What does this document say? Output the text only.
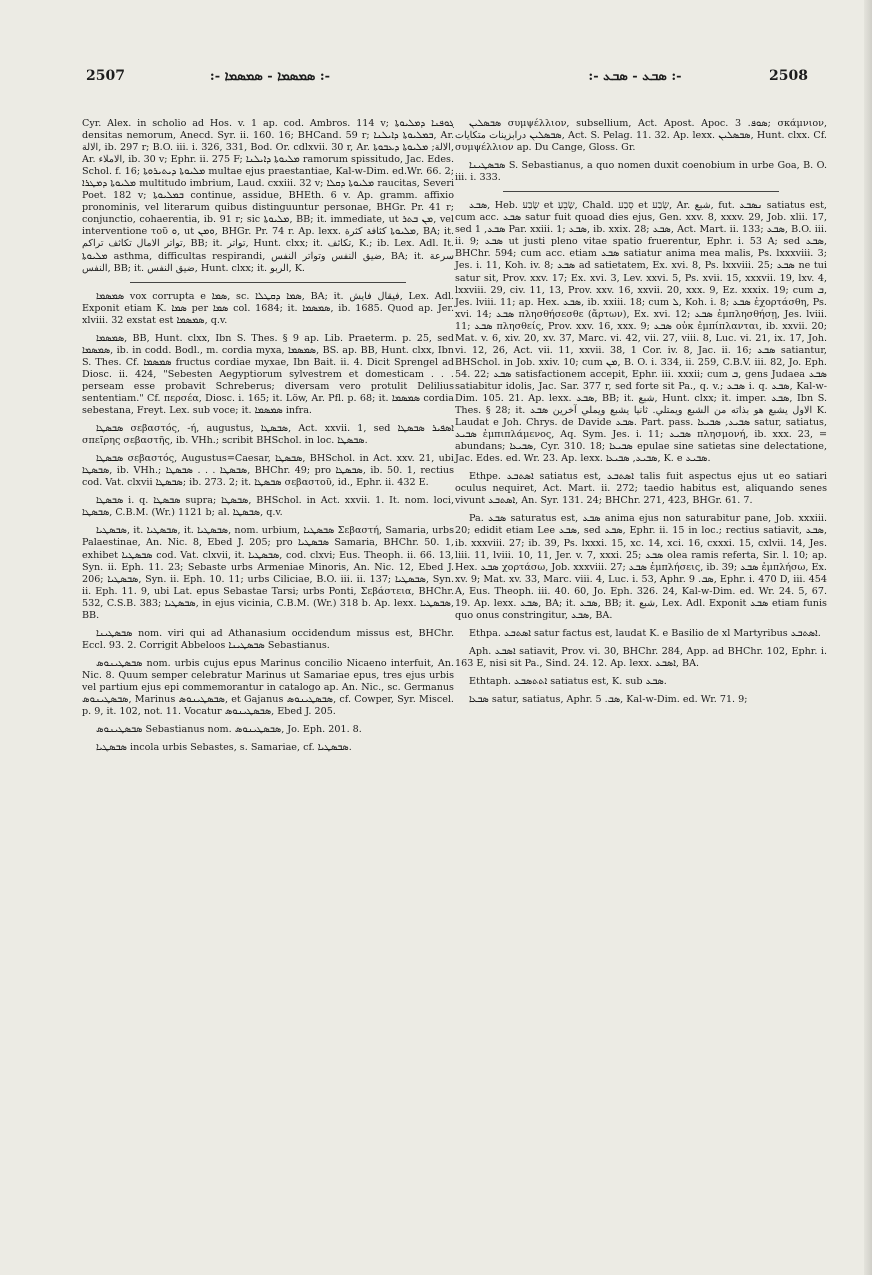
2507	:- ܣܡܣܡܐ - ܣܡܣܡܐ :-	:- ܣܒܥ - ܣܒܥ :-	2508

Cyr. Alex. in scholio ad Hos. v. 1 ap. cod. Ambros. 114 v; ܓܘܦܢܐ ܕܡܠܝܘܬܐ densitas nemorum, Anecd. Syr. ii. 160. 16; BHCand. 59 r; ܒܡܠܝܘܬܐ ܕܐܝܠܢܐ, Ar. الالة, ib. 297 r; B.O. iii. i. 326, 331, Bod. Or. cdlxvii. 30 r, Ar. الالة; ܡܠܝܘܬܐ ܕܥܒܘܬܐ, Ar. الاملاء, ib. 30 v; Ephr. ii. 275 F; ܡܠܝܘܬܐ ܕܐܝܠܢܐ ramorum spissitudo, Jac. Edes. Schol. f. 16; ܡܠܝܘܬܐ ܕܝܬܝܪܘܬܐ multae ejus praestantiae, Kal-w-Dim. ed.Wr. 66. 2; ܡܠܝܘܬܐ ܕܡܛܪܐ multitudo imbrium, Laud. cxxiii. 32 v; ܡܠܝܘܬܐ ܕܩܠܐ raucitas, Severi Poet. 182 v; ܒܡܠܝܘܬܐ continue, assidue, BHEth. 6 v. Ap. gramm. affixio pronominis, vel literarum quibus distinguuntur personae, BHGr. Pr. 41 r; conjunctio, cohaerentia, ib. 91 r; sic ܡܠܝܘܬܐ, BB; it. immediate, ut ܡܢ ܒܬܪ, vel interventione τοῦ ܘ, ut ܘܡܢ, BHGr. Pr. 74 r. Ap. lexx. ܡܠܝܘܬܐ كثافة كثرة, BA; it. تواتر الامال تكاثف تراكم, BB; it. تواتر, Hunt. clxx; it. تكاثف, K.; ib. Lex. Adl. It. ܡܠܝܘܬܐ asthma, difficultas respirandi, ضيق النفس وتواتر النفس, BA; it. سرعة النفس, BB; it. ضيق النفس, Hunt. clxx; it. الربو, K.

ܣܡܣܡܐ vox corrupta e ܣܡܐ, sc. ܣܡܐ ܕܩܛܠܐ, BA; it. فيقال فايش, Lex. Adl. Exponit etiam K. ܣܡܐ per ܣܡܐ col. 1684; it. ܣܡܣܡܐ, ib. 1685. Quod ap. Jer. xlviii. 32 exstat est ܣܡܣܡܐ, q.v.

ܣܡܣܡܐ, BB, Hunt. clxx, Ibn S. Thes. § 9 ap. Lib. Praeterm. p. 25, sed ܣܡܣܡܐ, ib. in codd. Bodl., m. cordia myxa, ܣܡܣܡܐ, BS. ap. BB, Hunt. clxx, Ibn S. Thes. Cf. ܣܡܣܡܐ fructus cordiae myxae, Ibn Bait. ii. 4. Dicit Sprengel ad Diosc. ii. 424, "Sebesten Aegyptiorum sylvestrem et domesticam . . . perseam esse probavit Schreberus; diversam vero protulit Delilius sententiam." Cf. περσέα, Diosc. i. 165; it. Löw, Ar. Pfl. p. 68; it. ܣܡܣܡܐ cordia sebestana, Freyt. Lex. sub voce; it. ܣܡܣܡܐ infra.

ܣܒܣܛܐ σεβαστός, -ή, augustus, ܣܒܣܛܐ, Act. xxvii. 1, sed ܐܣܦܝܪ ܣܒܣܛܐ σπεῖρης σεβαστῆς, ib. VHh.; scribit BHSchol. in loc. ܣܒܣܛܐ.

ܣܒܣܛܐ σεβαστός, Augustus=Caesar, ܣܒܣܛܐ, BHSchol. in Act. xxv. 21, ubi ܣܒܣܛܐ, ib. VHh.; ܣܒܣܛܐ . . . ܣܒܣܛܐ, BHChr. 49; pro ܣܒܣܛܐ, ib. 50. 1, rectius cod. Vat. clxvii ܣܒܣܛܐ; ib. 273. 2; it. ܣܒܣܛܐ σεβαστοῦ, id., Ephr. ii. 432 E.

ܣܒܣܛܐ i. q. ܣܒܣܛܐ supra; ܣܒܣܛܐ, BHSchol. in Act. xxvii. 1. It. nom. loci, ܣܒܣܛܐ, C.B.M. (Wr.) 1121 b; al. ܣܒܣܛܐ, q.v.

ܣܒܣܛܝܐ, it. ܣܒܣܛܝܐ, it. ܣܒܣܛܝܐ, nom. urbium, ܣܒܣܛܝܐ Σεβαστή, Samaria, urbs Palaestinae, An. Nic. 8, Ebed J. 205; pro ܣܒܣܛܝܐ Samaria, BHChr. 50. 1, exhibet ܣܒܣܛܝܐ cod. Vat. clxvii, it. ܣܒܣܛܝܐ, cod. clxvi; Eus. Theoph. ii. 66. 13, Syn. ii. Eph. 11. 23; Sebaste urbs Armeniae Minoris, An. Nic. 12, Ebed J. 206; ܣܒܣܛܝܐ, Syn. ii. Eph. 10. 11; urbs Ciliciae, B.O. iii. ii. 137; ܣܒܣܛܝܐ, Syn. ii. Eph. 11. 9, ubi Lat. epus Sebastae Tarsi; urbs Ponti, Σεβάστεια, BHChr. 532, C.S.B. 383; ܣܒܣܛܝܐ, in ejus vicinia, C.B.M. (Wr.) 318 b. Ap. lexx. ܣܒܣܛܝܐ, BB.

ܣܒܣܛܝܢܐ nom. viri qui ad Athanasium occidendum missus est, BHChr. Eccl. 93. 2. Corrigit Abbeloos ܣܒܣܛܝܢܐ Sebastianus.

ܣܒܣܛܝܢܘܣ nom. urbis cujus epus Marinus concilio Nicaeno interfuit, An. Nic. 8. Quum semper celebratur Marinus ut Samariae epus, tres ejus urbis vel partium ejus epi commemorantur in catalogo ap. An. Nic., sc. Germanus ܣܒܣܛܝܢܘܣ, Marinus ܣܒܣܛܝܢܘܣ, et Gajanus ܣܒܣܛܝܢܘܣ, cf. Cowper, Syr. Miscel. p. 9, it. 102, not. 11. Vocatur ܣܒܣܛܝܢܘܣ, Ebed J. 205.

ܣܒܣܛܝܢܘܣ Sebastianus nom. ܣܒܣܛܝܢܘܣ, Jo. Eph. 201. 8.

ܣܒܣܛܝܐ incola urbis Sebastes, s. Samariae, cf. ܣܒܣܛܝܐ.

ܣܒܣܠܝܢ συμψέλλιον, subsellium, Act. Apost. Apoc. ܣܘܦ. 3; σκάμνιον, ܣܒܣܠܝܢ درابزينات متكايات, Act. S. Pelag. 11. 32. Ap. lexx. ܣܒܣܠܝܢ, Hunt. clxx. Cf. συμψέλλιον ap. Du Cange, Gloss. Gr.

ܣܒܣܛܝܢܐ S. Sebastianus, a quo nomen duxit coenobium in urbe Goa, B. O. iii. i. 333.

ܣܒܥ, Heb. שָׂבַע et שָׂבֵעַ, Chald. סְבַע et שְׂבַע, Ar. شبع, fut. ܢܣܒܥ satiatus est, cum acc. ܣܒܥ satur fuit quoad dies ejus, Gen. xxv. 8, xxxv. 29, Job. xlii. 17, sed ܣܒܥ, 1 Par. xxiii. 1; ܣܒܥ, ib. xxix. 28; ܣܒܥ, Act. Mart. ii. 133; ܣܒܥ, B.O. iii. ii. 9; ܣܒܥ ut justi pleno vitae spatio fruerentur, Ephr. i. 53 A; sed ܣܒܥ, BHChr. 594; cum acc. etiam ܣܒܥ satiatur anima mea malis, Ps. lxxxviii. 3; Jes. i. 11, Koh. iv. 8; ܣܒܥ ad satietatem, Ex. xvi. 8, Ps. lxxviii. 25; ܣܒܥ ne tui satur sit, Prov. xxv. 17; Ex. xvi. 3, Lev. xxvi. 5, Ps. xvii. 15, xxxvii. 19, lxv. 4, lxxviii. 29, civ. 11, 13, Prov. xxv. 16, xxvii. 20, xxx. 9, Ez. xxxix. 19; cum ܒ, Jes. lviii. 11; ap. Hex. ܣܒܥ, ib. xxiii. 18; cum ܠ, Koh. i. 8; ܣܒܥ ἐχορτάσθη, Ps. xvi. 14; ܣܒܥ πλησθήσεσθε (ἄρτων), Ex. xvi. 12; ܣܒܥ ἐμπλησθήσῃ, Jes. lviii. 11; ܣܒܥ πλησθείς, Prov. xxv. 16, xxx. 9; ܣܒܥ οὐκ ἐμπίπλανται, ib. xxvii. 20; Mat. v. 6, xiv. 20, xv. 37, Marc. vi. 42, vii. 27, viii. 8, Luc. vi. 21, ix. 17, Joh. vi. 12, 26, Act. vii. 11, xxvii. 38, 1 Cor. iv. 8, Jac. ii. 16; ܣܒܥ satiantur, BHSchol. in Job. xxiv. 10; cum ܡܢ, B. O. i. 334, ii. 259, C.B.V. iii. 82, Jo. Eph. 54. 22; ܣܒܥ satisfactionem accepit, Ephr. iii. xxxii; cum ܒ, gens Judaea ܣܒܥ satiabitur idolis, Jac. Sar. 377 r, sed forte sit Pa., q. v.; ܣܒܥ i. q. ܣܒܥ, Kal-w-Dim. 105. 21. Ap. lexx. ܣܒܥ, BB; it. شبع, Hunt. clxx; it. imper. ܣܒܥ, Ibn S. Thes. § 28; it. الاول يشبع هو بذاته من الشبع ويمتلي. ثانيا يشبع ويملي آخرين ܣܒܥ K. Laudat e Joh. Chrys. de Davide ܣܒܥ. Part. pass. ܣܒܝܥ, ܣܒܝܥܐ satur, satiatus, ܣܒܝܥ ἐμπιπλάμενος, Aq. Sym. Jes. i. 11; ܣܒܝܥ πλησμονή, ib. xxx. 23, = abundans; ܣܒܝܥܐ, Cyr. 310. 18; ܣܒܝܥܐ epulae sine satietas sine delectatione, Jac. Edes. ed. Wr. 23. Ap. lexx. ܣܒܝܥ, ܣܒܝܥܐ, K. e ܣܒܝܥ.

Ethpe. ܐܣܬܒܥ satiatus est, ܐܣܬܒܥ talis fuit aspectus ejus ut eo satiari oculus nequiret, Act. Mart. ii. 272; taedio habitus est, aliquando senes vivunt ܐܣܬܒܥ, An. Syr. 131. 24; BHChr. 271, 423, BHGr. 61. 7.

Pa. ܣܒܥ saturatus est, ܣܒܥ anima ejus non saturabitur pane, Job. xxxiii. 20; edidit etiam Lee ܣܒܥ, sed ܣܒܥ, Ephr. ii. 15 in loc.; rectius satiavit, ܣܒܥ, ib. xxxviii. 27; ib. 39, Ps. lxxxi. 15, xc. 14, xci. 16, cxxxi. 15, cxlvii. 14, Jes. liii. 11, lviii. 10, 11, Jer. v. 7, xxxi. 25; ܣܒܥ olea ramis referta, Sir. l. 10; ap. Hex. ܣܒܥ χορτάσω, Job. xxxviii. 27; ܣܒܥ ἐμπλήσεις, ib. 39; ܣܒܥ ἐμπλήσω, Ex. xv. 9; Mat. xv. 33, Marc. viii. 4, Luc. i. 53, Aphr. ܣܒ. 9, Ephr. i. 470 D, iii. 454 A, Eus. Theoph. iii. 40. 60, Jo. Eph. 326. 24, Kal-w-Dim. ed. Wr. 24. 5, 67. 19. Ap. lexx. ܣܒܥ, BA; it. ܣܒܥ, BB; it. شبع, Lex. Adl. Exponit ܣܒܥ etiam funis quo onus constringitur, ܣܒܥ, BA.

Ethpa. ܐܣܬܒܥ satur factus est, laudat K. e Basilio de xl Martyribus ܐܣܬܒܥ.

Aph. ܐܣܒܥ satiavit, Prov. vi. 30, BHChr. 284, App. ad BHChr. 102, Ephr. i. 163 E, nisi sit Pa., Sind. 24. 12. Ap. lexx. ܐܣܒܥ, BA.

Ethtaph. ܐܬܬܣܒܥ satiatus est, K. sub ܣܒܥ.

ܣܒܥܐ satur, satiatus, Aphr. ܣܒ. 5, Kal-w-Dim. ed. Wr. 71. 9;
